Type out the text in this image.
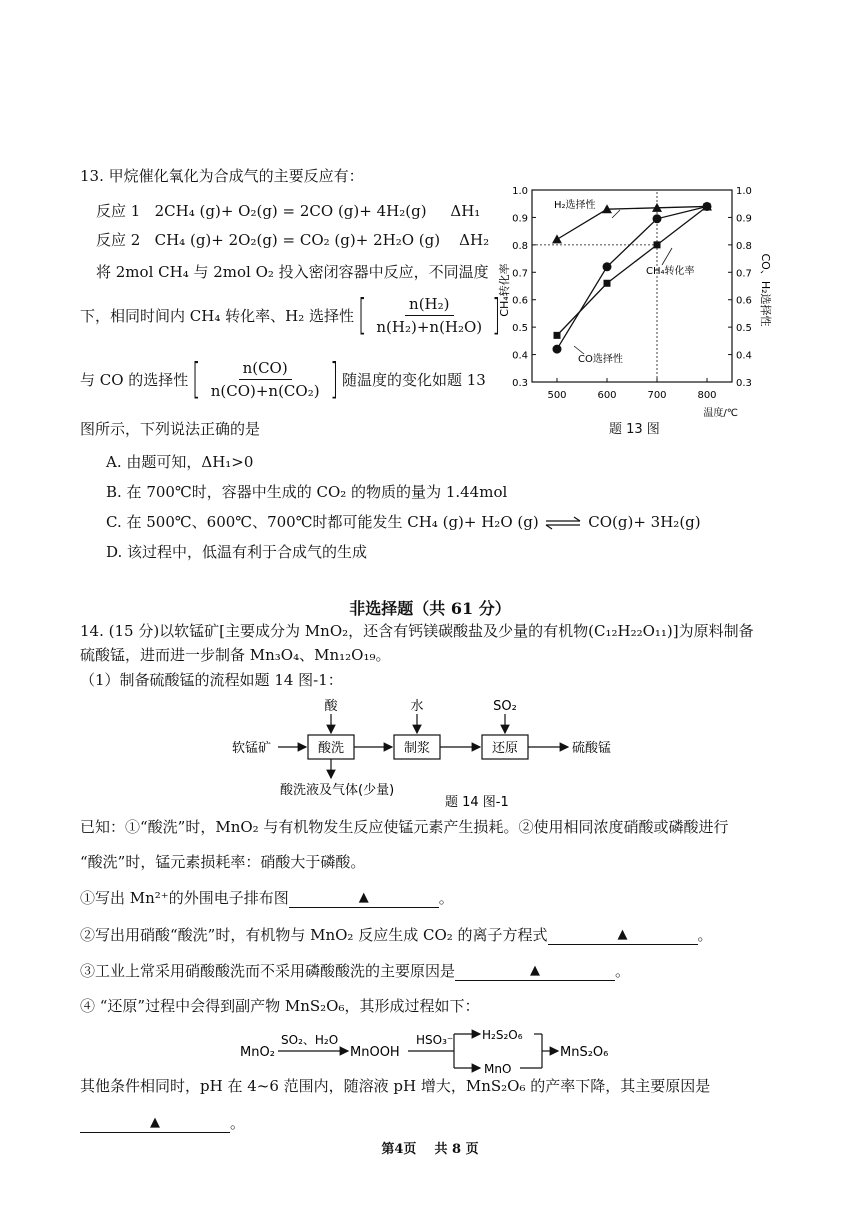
13. 甲烷催化氧化为合成气的主要反应有：
反应 1 2CH₄ (g)+ O₂(g) = 2CO (g)+ 4H₂(g) ΔH₁
反应 2 CH₄ (g)+ 2O₂(g) = CO₂ (g)+ 2H₂O (g) ΔH₂
将 2mol CH₄ 与 2mol O₂ 投入密闭容器中反应，不同温度
下，相同时间内 CH₄ 转化率、H₂ 选择性 [ $\frac{\text{n(H₂)}}{\text{n(H₂)+n(H₂O)}}$ ]
与 CO 的选择性 [ $\frac{n(CO)}{\text{n(CO)+n(CO₂)}}$ ] 随温度的变化如题 13
图所示，下列说法正确的是
A. 由题可知，ΔH₁>0
B. 在 700℃时，容器中生成的 CO₂ 的物质的量为 1.44mol
C. 在 500℃、600℃、700℃时都可能发生 CH₄ (g)+ H₂O (g) ⇌ CO(g)+ 3H₂(g)
D. 该过程中，低温有利于合成气的生成
0.3
0.4
0.5
0.6
0.7
0.8
0.9
1.0
0.3
0.4
0.5
0.6
0.7
0.8
0.9
1.0
500	600	700	800
CH₄转化率	CO、H₂选择性
温度/℃
H₂选择性
CH₄转化率
CO选择性
题 13 图
非选择题（共 61 分）
14. (15 分)以软锰矿[主要成分为 MnO₂，还含有钙镁碳酸盐及少量的有机物(C₁₂H₂₂O₁₁)]为原料制备
硫酸锰，进而进一步制备 Mn₃O₄、Mn₁₂O₁₉。
（1）制备硫酸锰的流程如题 14 图-1：
软锰矿	酸洗	制浆	还原	硫酸锰
酸	水	SO₂
酸洗液及气体(少量)
题 14 图-1
已知：①“酸洗”时，MnO₂ 与有机物发生反应使锰元素产生损耗。②使用相同浓度硝酸或磷酸进行
“酸洗”时，锰元素损耗率：硝酸大于磷酸。
①写出 Mn²⁺的外围电子排布图	▲	。
②写出用硝酸“酸洗”时，有机物与 MnO₂ 反应生成 CO₂ 的离子方程式	▲	。
③工业上常采用硝酸酸洗而不采用磷酸酸洗的主要原因是	▲	。
④ “还原”过程中会得到副产物 MnS₂O₆，其形成过程如下：
MnO₂
SO₂、H₂O
MnOOH
HSO₃⁻ H₂S₂O₆
MnO
MnS₂O₆
其他条件相同时，pH 在 4~6 范围内，随溶液 pH 增大，MnS₂O₆ 的产率下降，其主要原因是
▲	。
第4页 共 8 页
